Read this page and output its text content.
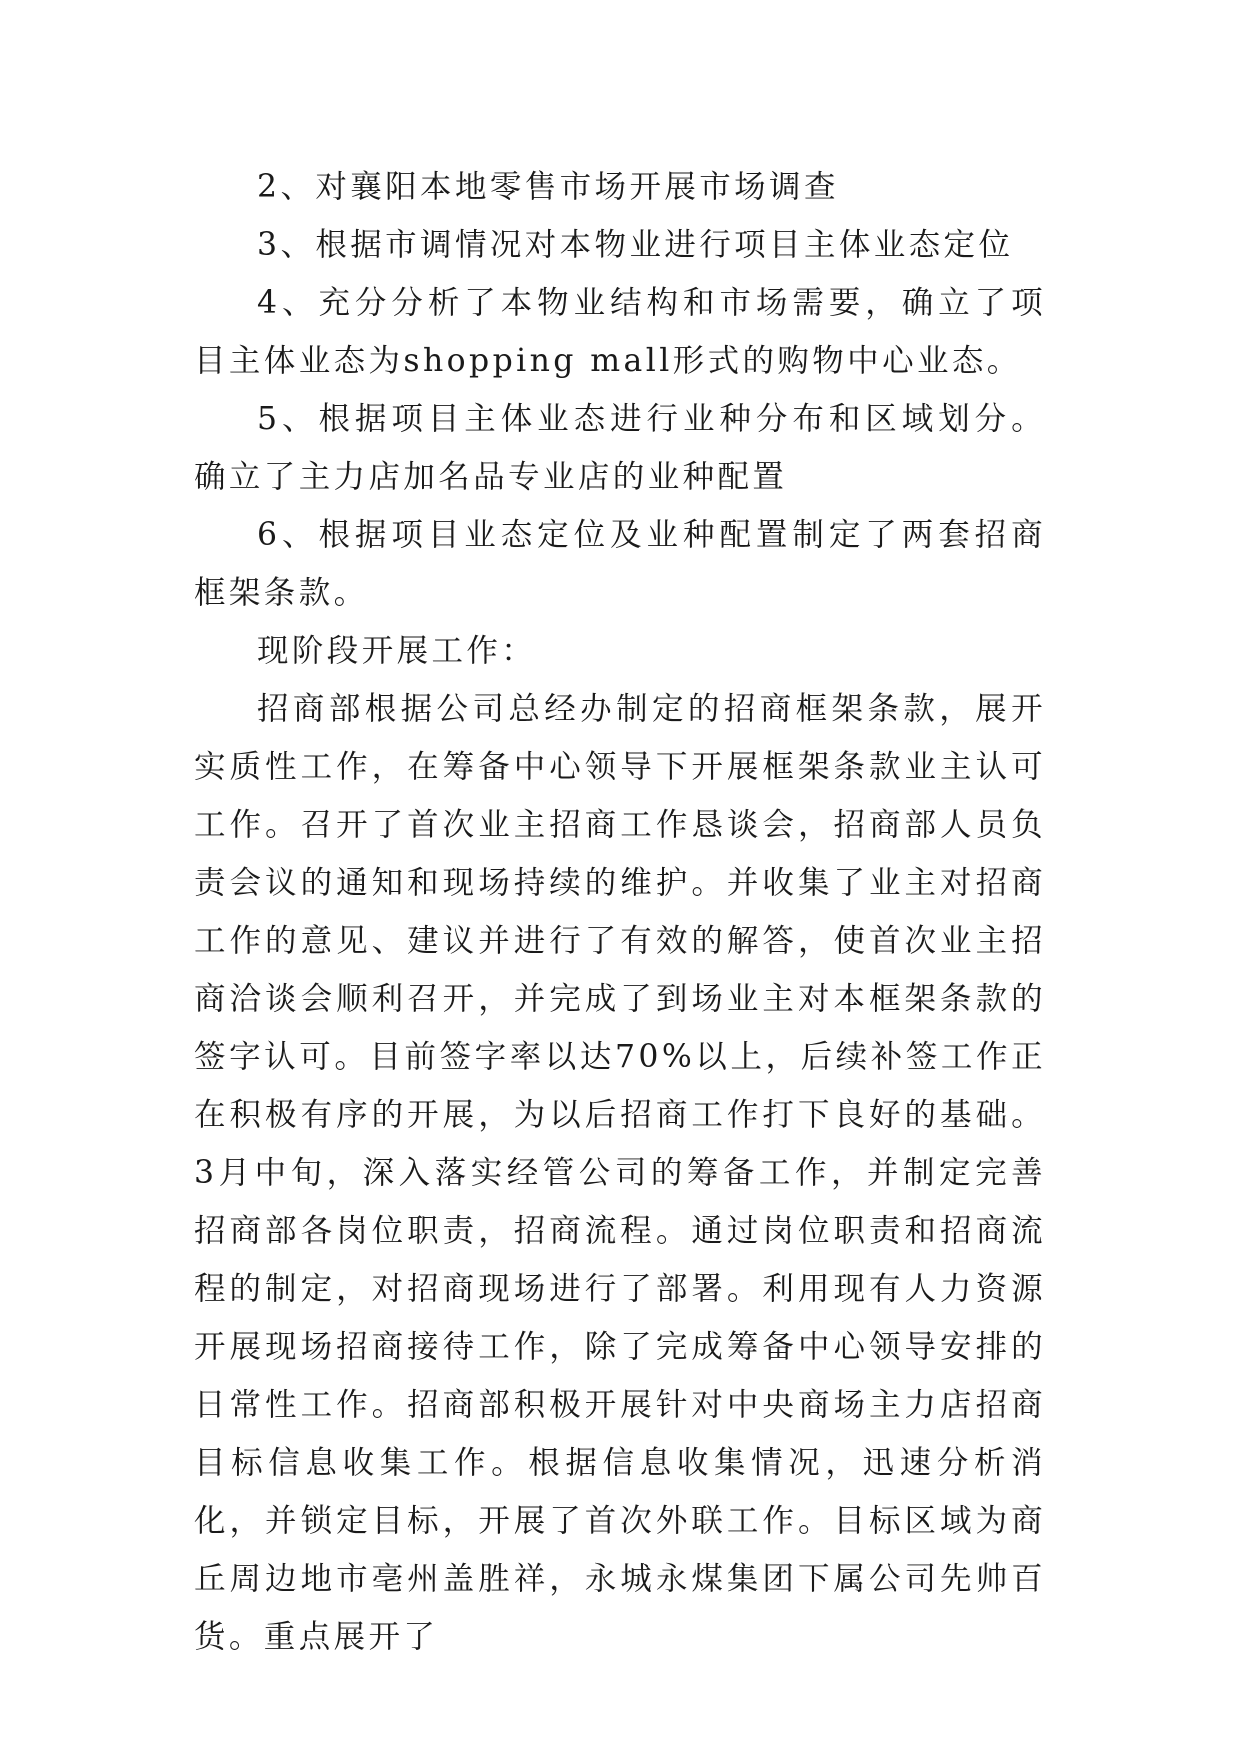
2、对襄阳本地零售市场开展市场调查

3、根据市调情况对本物业进行项目主体业态定位

4、充分分析了本物业结构和市场需要，确立了项目主体业态为shopping mall形式的购物中心业态。

5、根据项目主体业态进行业种分布和区域划分。确立了主力店加名品专业店的业种配置

6、根据项目业态定位及业种配置制定了两套招商框架条款。

现阶段开展工作：

招商部根据公司总经办制定的招商框架条款，展开实质性工作，在筹备中心领导下开展框架条款业主认可工作。召开了首次业主招商工作恳谈会，招商部人员负责会议的通知和现场持续的维护。并收集了业主对招商工作的意见、建议并进行了有效的解答，使首次业主招商洽谈会顺利召开，并完成了到场业主对本框架条款的签字认可。目前签字率以达70%以上，后续补签工作正在积极有序的开展，为以后招商工作打下良好的基础。3月中旬，深入落实经管公司的筹备工作，并制定完善招商部各岗位职责，招商流程。通过岗位职责和招商流程的制定，对招商现场进行了部署。利用现有人力资源开展现场招商接待工作，除了完成筹备中心领导安排的日常性工作。招商部积极开展针对中央商场主力店招商目标信息收集工作。根据信息收集情况，迅速分析消化，并锁定目标，开展了首次外联工作。目标区域为商丘周边地市亳州盖胜祥，永城永煤集团下属公司先帅百货。重点展开了
